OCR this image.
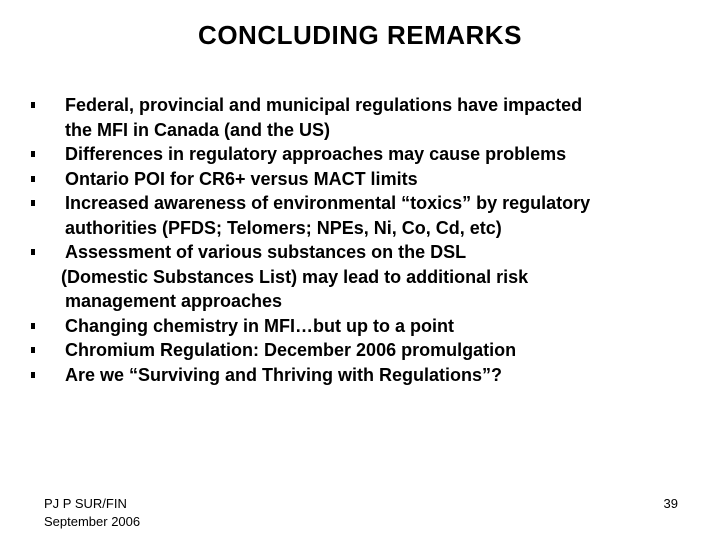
CONCLUDING REMARKS
Federal, provincial and municipal regulations have impacted
the MFI in Canada (and the US)
Differences in regulatory approaches may cause problems
Ontario POI for CR6+ versus MACT limits
Increased awareness of environmental “toxics” by regulatory
authorities (PFDS; Telomers; NPEs, Ni, Co, Cd, etc)
Assessment of various substances on the DSL
(Domestic Substances List) may lead to additional risk
management approaches
Changing chemistry in MFI…but up to a point
Chromium Regulation: December 2006 promulgation
Are we “Surviving and Thriving with Regulations”?
PJ P SUR/FIN
September 2006
39
